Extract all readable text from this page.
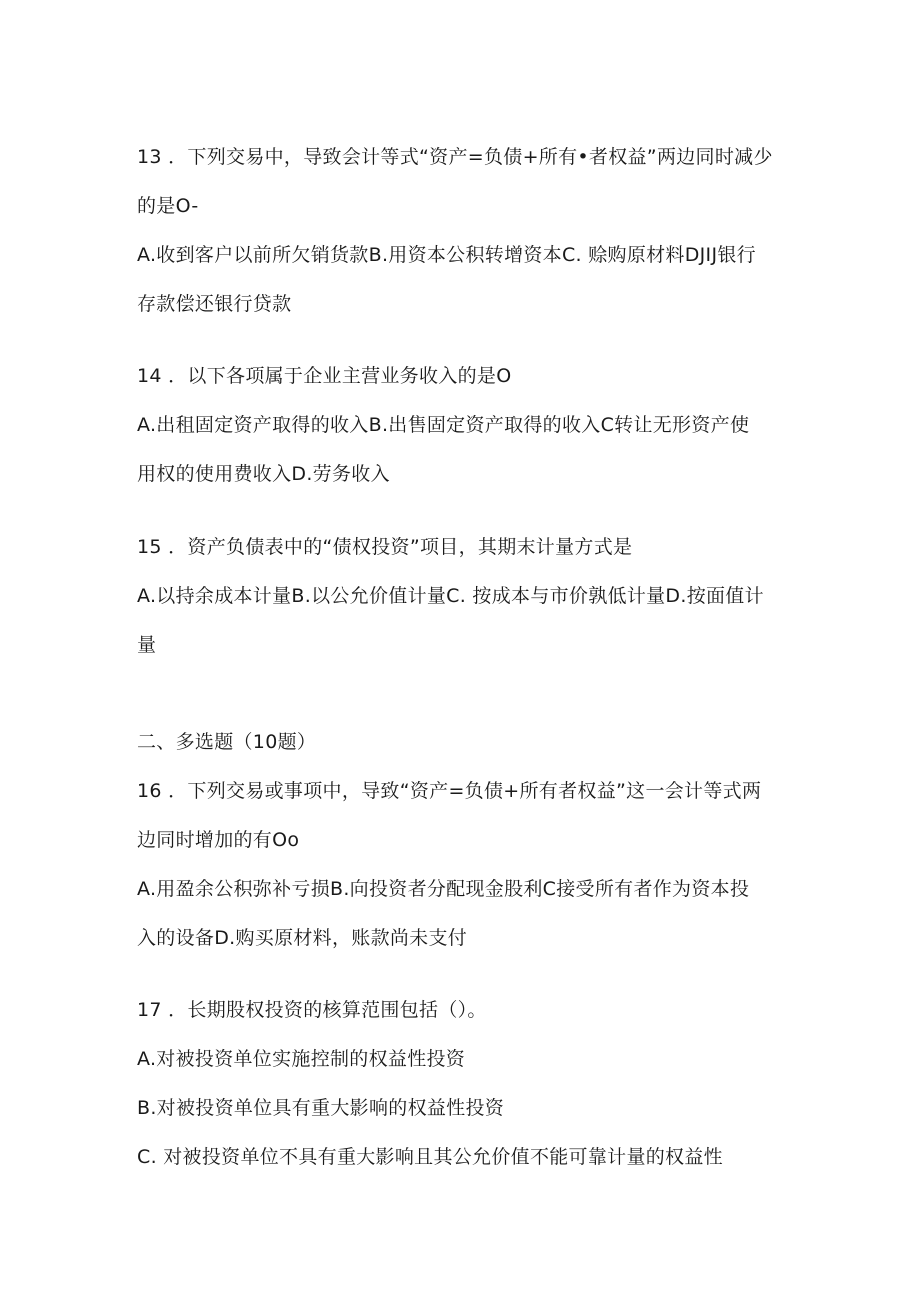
13 ．下列交易中，导致会计等式“资产=负债+所有•者权益”两边同时减少
的是O-
A.收到客户以前所欠销货款B.用资本公积转增资本C. 赊购原材料DJIJ银行
存款偿还银行贷款
14 ．以下各项属于企业主营业务收入的是O
A.出租固定资产取得的收入B.出售固定资产取得的收入C转让无形资产使
用权的使用费收入D.劳务收入
15 ．资产负债表中的“债权投资”项目，其期末计量方式是
A.以持余成本计量B.以公允价值计量C. 按成本与市价孰低计量D.按面值计
量
二、多选题（10题）
16 ．下列交易或事项中，导致“资产=负债+所有者权益”这一会计等式两
边同时增加的有Oo
A.用盈余公积弥补亏损B.向投资者分配现金股利C接受所有者作为资本投
入的设备D.购买原材料，账款尚未支付
17 ．长期股权投资的核算范围包括（）。
A.对被投资单位实施控制的权益性投资
B.对被投资单位具有重大影响的权益性投资
C. 对被投资单位不具有重大影响且其公允价值不能可靠计量的权益性
